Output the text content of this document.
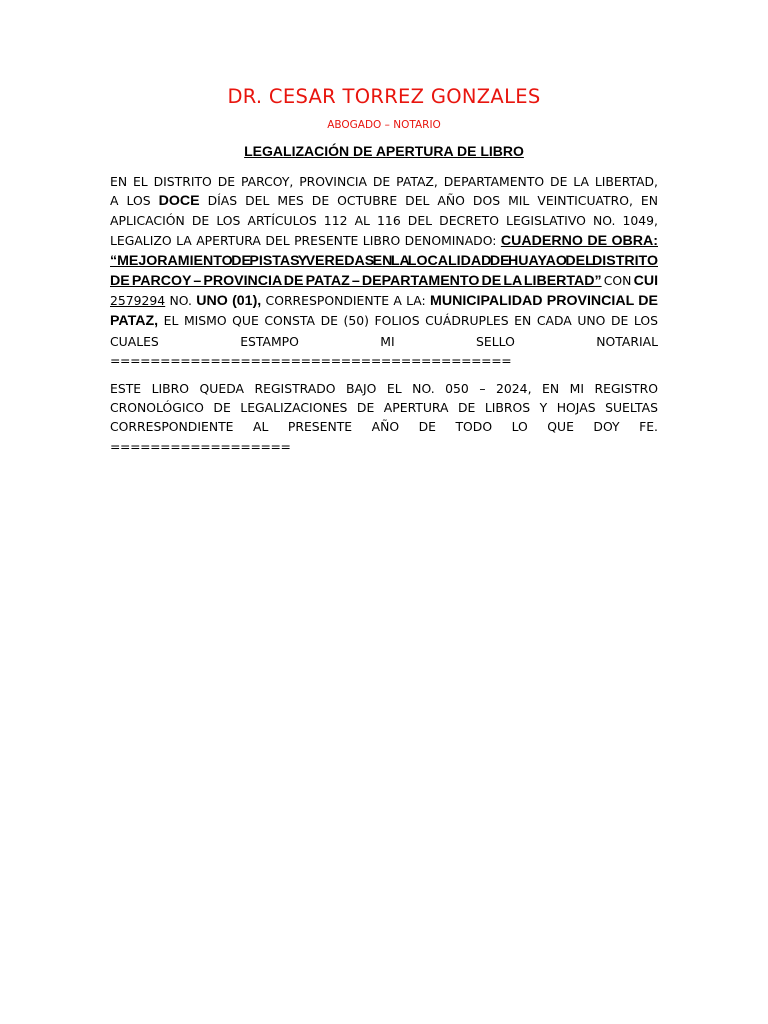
DR. CESAR TORREZ GONZALES
ABOGADO – NOTARIO
LEGALIZACIÓN DE APERTURA DE LIBRO
EN EL DISTRITO DE PARCOY, PROVINCIA DE PATAZ, DEPARTAMENTO DE LA LIBERTAD,
A LOS DOCE DÍAS DEL MES DE OCTUBRE DEL AÑO DOS MIL VEINTICUATRO, EN
APLICACIÓN DE LOS ARTÍCULOS 112 AL 116 DEL DECRETO LEGISLATIVO NO. 1049,
LEGALIZO LA APERTURA DEL PRESENTE LIBRO DENOMINADO: CUADERNO DE OBRA:
“MEJORAMIENTO DE PISTAS Y VEREDAS EN LA LOCALIDAD DE HUAYAO DEL DISTRITO
DE PARCOY – PROVINCIA DE PATAZ – DEPARTAMENTO DE LA LIBERTAD” CON CUI
2579294 NO. UNO (01), CORRESPONDIENTE A LA: MUNICIPALIDAD PROVINCIAL DE
PATAZ, EL MISMO QUE CONSTA DE (50) FOLIOS CUÁDRUPLES EN CADA UNO DE LOS
CUALES ESTAMPO MI SELLO NOTARIAL
========================================
ESTE LIBRO QUEDA REGISTRADO BAJO EL NO. 050 – 2024, EN MI REGISTRO
CRONOLÓGICO DE LEGALIZACIONES DE APERTURA DE LIBROS Y HOJAS SUELTAS
CORRESPONDIENTE AL PRESENTE AÑO DE TODO LO QUE DOY FE.
==================
